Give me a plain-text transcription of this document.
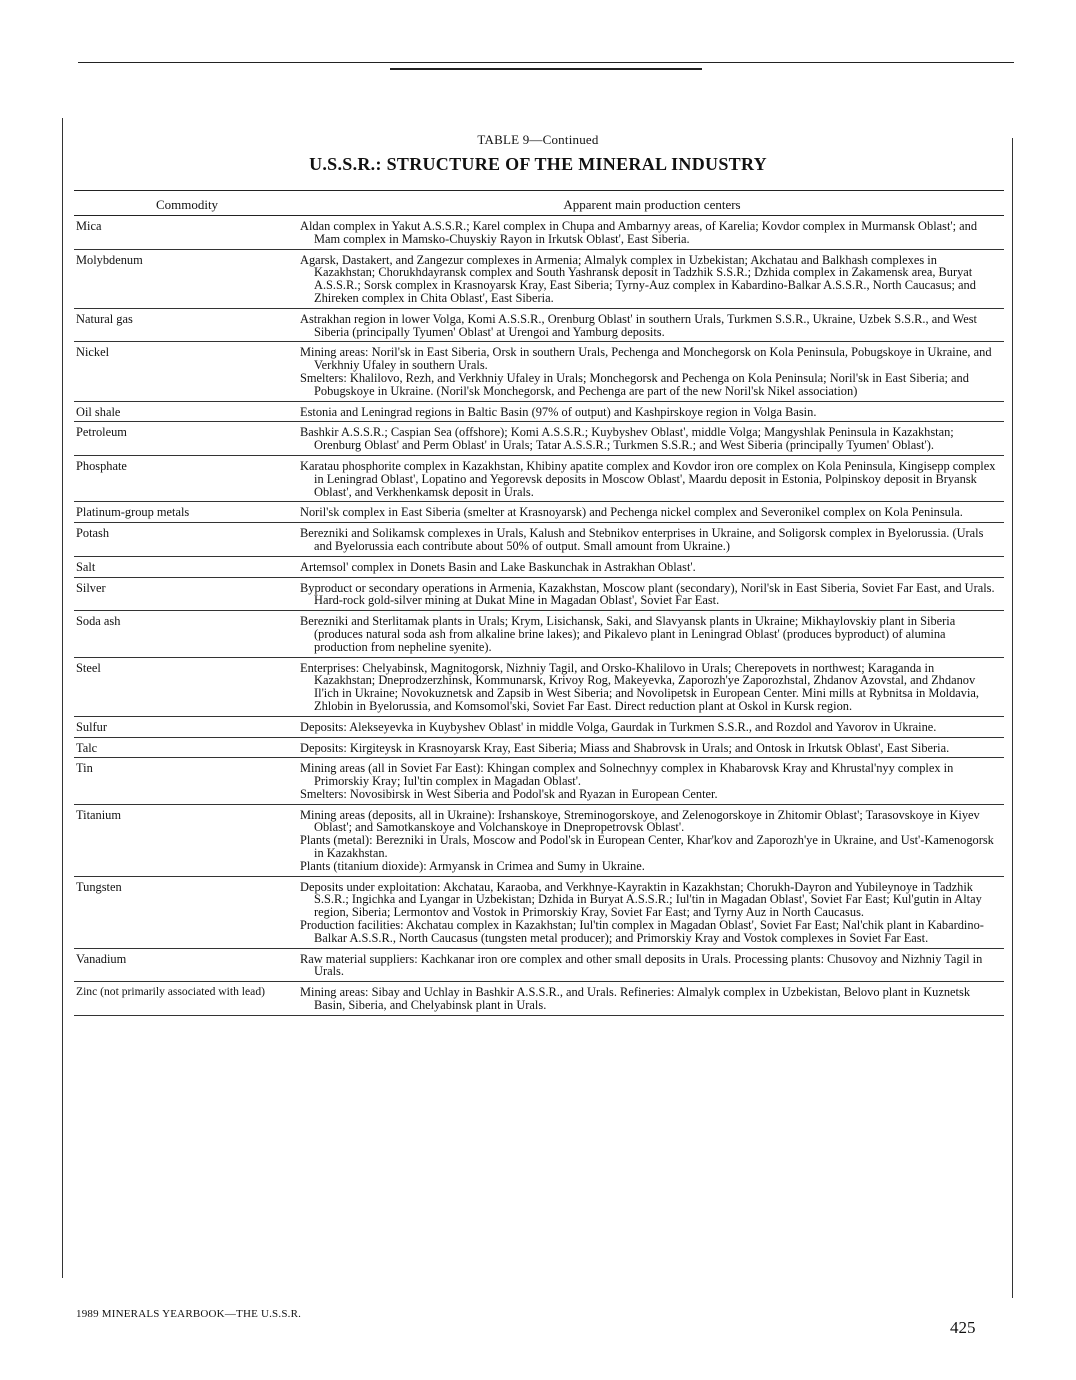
TABLE 9—Continued
U.S.S.R.: STRUCTURE OF THE MINERAL INDUSTRY
Commodity	Apparent main production centers
Mica	Aldan complex in Yakut A.S.S.R.; Karel complex in Chupa and Ambarnyy areas, of Karelia; Kovdor complex in Murmansk Oblast'; and Mam complex in Mamsko-Chuyskiy Rayon in Irkutsk Oblast', East Siberia.

Molybdenum	Agarsk, Dastakert, and Zangezur complexes in Armenia; Almalyk complex in Uzbekistan; Akchatau and Balkhash complexes in Kazakhstan; Chorukhdayransk complex and South Yashransk deposit in Tadzhik S.S.R.; Dzhida complex in Zakamensk area, Buryat A.S.S.R.; Sorsk complex in Krasnoyarsk Kray, East Siberia; Tyrny-Auz complex in Kabardino-Balkar A.S.S.R., North Caucasus; and Zhireken complex in Chita Oblast', East Siberia.

Natural gas	Astrakhan region in lower Volga, Komi A.S.S.R., Orenburg Oblast' in southern Urals, Turkmen S.S.R., Ukraine, Uzbek S.S.R., and West Siberia (principally Tyumen' Oblast' at Urengoi and Yamburg deposits.

Nickel	Mining areas: Noril'sk in East Siberia, Orsk in southern Urals, Pechenga and Monchegorsk on Kola Peninsula, Pobugskoye in Ukraine, and Verkhniy Ufaley in southern Urals.

Smelters: Khalilovo, Rezh, and Verkhniy Ufaley in Urals; Monchegorsk and Pechenga on Kola Peninsula; Noril'sk in East Siberia; and Pobugskoye in Ukraine. (Noril'sk Monchegorsk, and Pechenga are part of the new Noril'sk Nikel association)

Oil shale	Estonia and Leningrad regions in Baltic Basin (97% of output) and Kashpirskoye region in Volga Basin.

Petroleum	Bashkir A.S.S.R.; Caspian Sea (offshore); Komi A.S.S.R.; Kuybyshev Oblast', middle Volga; Mangyshlak Peninsula in Kazakhstan; Orenburg Oblast' and Perm Oblast' in Urals; Tatar A.S.S.R.; Turkmen S.S.R.; and West Siberia (principally Tyumen' Oblast').

Phosphate	Karatau phosphorite complex in Kazakhstan, Khibiny apatite complex and Kovdor iron ore complex on Kola Peninsula, Kingisepp complex in Leningrad Oblast', Lopatino and Yegorevsk deposits in Moscow Oblast', Maardu deposit in Estonia, Polpinskoy deposit in Bryansk Oblast', and Verkhenkamsk deposit in Urals.

Platinum-group metals	Noril'sk complex in East Siberia (smelter at Krasnoyarsk) and Pechenga nickel complex and Severonikel complex on Kola Peninsula.

Potash	Berezniki and Solikamsk complexes in Urals, Kalush and Stebnikov enterprises in Ukraine, and Soligorsk complex in Byelorussia. (Urals and Byelorussia each contribute about 50% of output. Small amount from Ukraine.)

Salt	Artemsol' complex in Donets Basin and Lake Baskunchak in Astrakhan Oblast'.

Silver	Byproduct or secondary operations in Armenia, Kazakhstan, Moscow plant (secondary), Noril'sk in East Siberia, Soviet Far East, and Urals. Hard-rock gold-silver mining at Dukat Mine in Magadan Oblast', Soviet Far East.

Soda ash	Berezniki and Sterlitamak plants in Urals; Krym, Lisichansk, Saki, and Slavyansk plants in Ukraine; Mikhaylovskiy plant in Siberia (produces natural soda ash from alkaline brine lakes); and Pikalevo plant in Leningrad Oblast' (produces byproduct) of alumina production from nepheline syenite).

Steel	Enterprises: Chelyabinsk, Magnitogorsk, Nizhniy Tagil, and Orsko-Khalilovo in Urals; Cherepovets in northwest; Karaganda in Kazakhstan; Dneprodzerzhinsk, Kommunarsk, Krivoy Rog, Makeyevka, Zaporozh'ye Zaporozhstal, Zhdanov Azovstal, and Zhdanov Il'ich in Ukraine; Novokuznetsk and Zapsib in West Siberia; and Novolipetsk in European Center. Mini mills at Rybnitsa in Moldavia, Zhlobin in Byelorussia, and Komsomol'ski, Soviet Far East. Direct reduction plant at Oskol in Kursk region.

Sulfur	Deposits: Alekseyevka in Kuybyshev Oblast' in middle Volga, Gaurdak in Turkmen S.S.R., and Rozdol and Yavorov in Ukraine.

Talc	Deposits: Kirgiteysk in Krasnoyarsk Kray, East Siberia; Miass and Shabrovsk in Urals; and Ontosk in Irkutsk Oblast', East Siberia.

Tin	Mining areas (all in Soviet Far East): Khingan complex and Solnechnyy complex in Khabarovsk Kray and Khrustal'nyy complex in Primorskiy Kray; Iul'tin complex in Magadan Oblast'.

Smelters: Novosibirsk in West Siberia and Podol'sk and Ryazan in European Center.

Titanium	Mining areas (deposits, all in Ukraine): Irshanskoye, Streminogorskoye, and Zelenogorskoye in Zhitomir Oblast'; Tarasovskoye in Kiyev Oblast'; and Samotkanskoye and Volchanskoye in Dnepropetrovsk Oblast'.

Plants (metal): Berezniki in Urals, Moscow and Podol'sk in European Center, Khar'kov and Zaporozh'ye in Ukraine, and Ust'-Kamenogorsk in Kazakhstan.

Plants (titanium dioxide): Armyansk in Crimea and Sumy in Ukraine.

Tungsten	Deposits under exploitation: Akchatau, Karaoba, and Verkhnye-Kayraktin in Kazakhstan; Chorukh-Dayron and Yubileynoye in Tadzhik S.S.R.; Ingichka and Lyangar in Uzbekistan; Dzhida in Buryat A.S.S.R.; Iul'tin in Magadan Oblast', Soviet Far East; Kul'gutin in Altay region, Siberia; Lermontov and Vostok in Primorskiy Kray, Soviet Far East; and Tyrny Auz in North Caucasus.

Production facilities: Akchatau complex in Kazakhstan; Iul'tin complex in Magadan Oblast', Soviet Far East; Nal'chik plant in Kabardino-Balkar A.S.S.R., North Caucasus (tungsten metal producer); and Primorskiy Kray and Vostok complexes in Soviet Far East.

Vanadium	Raw material suppliers: Kachkanar iron ore complex and other small deposits in Urals. Processing plants: Chusovoy and Nizhniy Tagil in Urals.

Zinc (not primarily associated with lead)	Mining areas: Sibay and Uchlay in Bashkir A.S.S.R., and Urals. Refineries: Almalyk complex in Uzbekistan, Belovo plant in Kuznetsk Basin, Siberia, and Chelyabinsk plant in Urals.

1989 MINERALS YEARBOOK—THE U.S.S.R.
425
